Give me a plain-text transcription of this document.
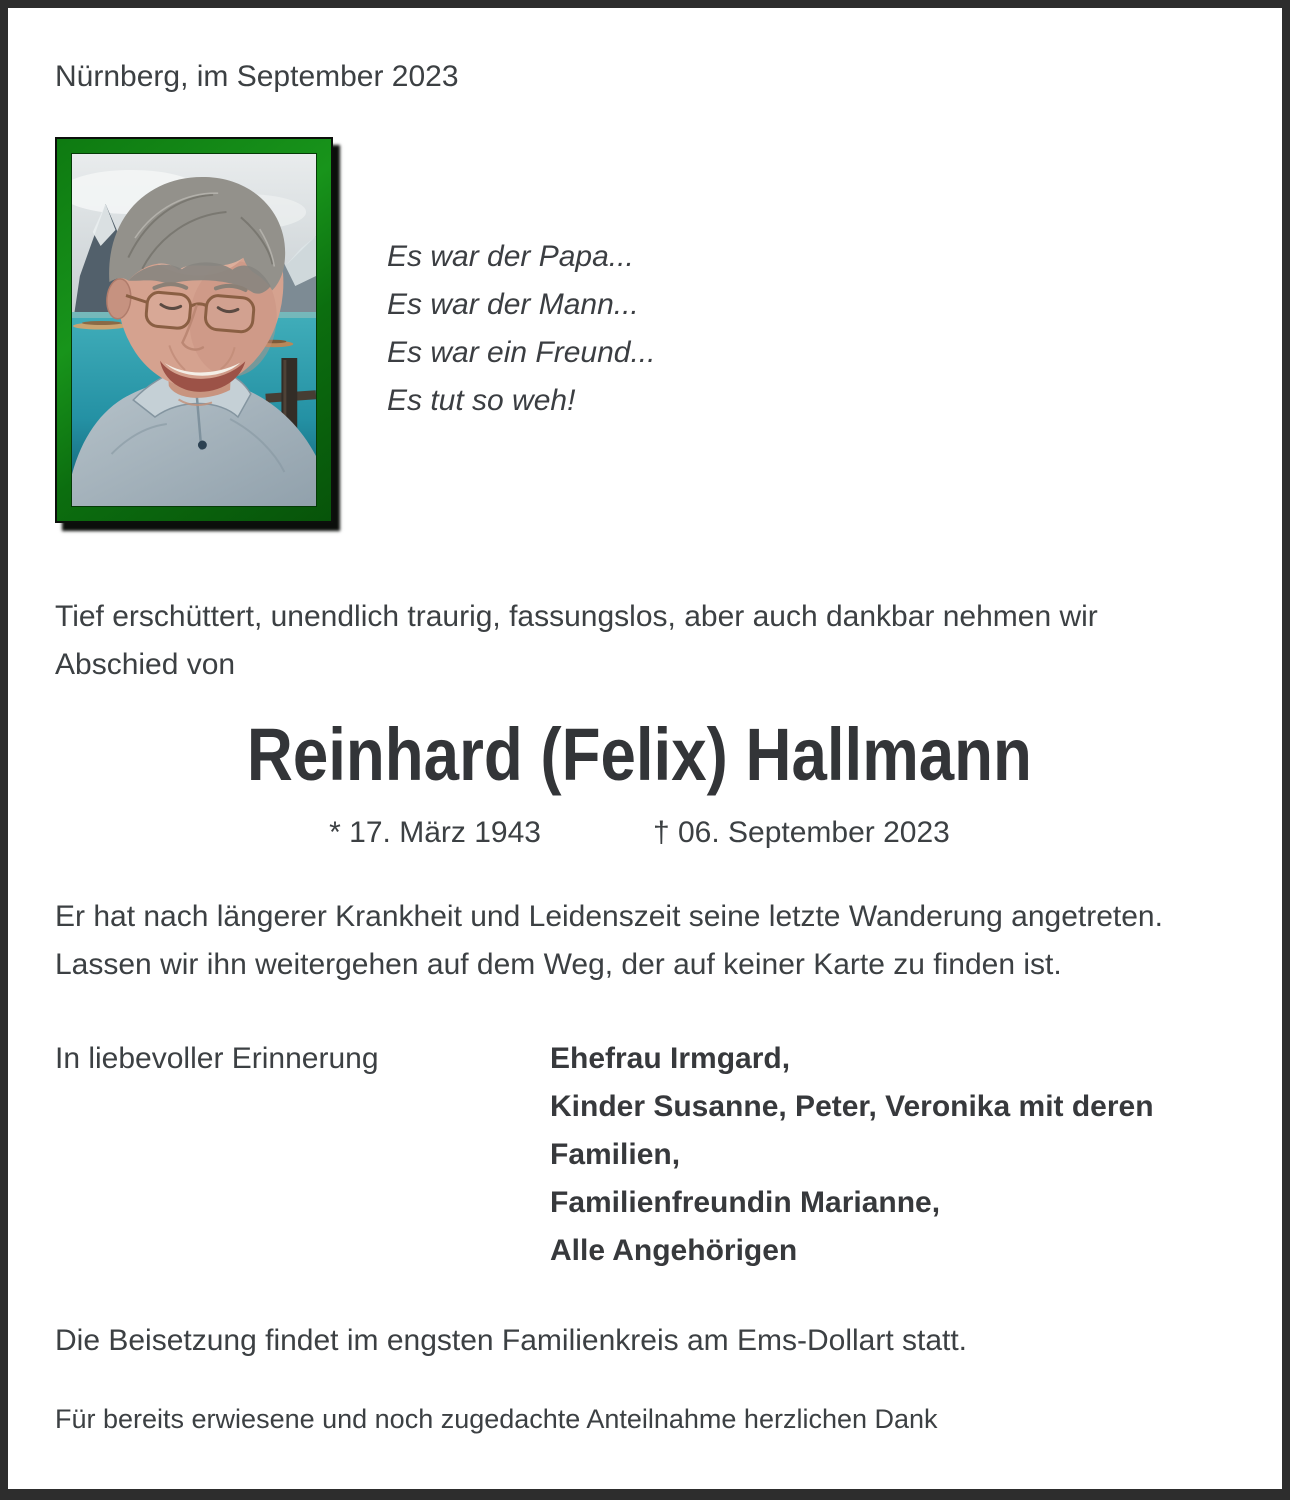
Nürnberg, im September 2023
Es war der Papa...
Es war der Mann...
Es war ein Freund...
Es tut so weh!
Tief erschüttert, unendlich traurig, fassungslos, aber auch dankbar nehmen wir
Abschied von
Reinhard (Felix) Hallmann
* 17. März 1943	† 06. September 2023
Er hat nach längerer Krankheit und Leidenszeit seine letzte Wanderung angetreten.
Lassen wir ihn weitergehen auf dem Weg, der auf keiner Karte zu finden ist.
In liebevoller Erinnerung	Ehefrau Irmgard,
Kinder Susanne, Peter, Veronika mit deren
Familien,
Familienfreundin Marianne,
Alle Angehörigen
Die Beisetzung findet im engsten Familienkreis am Ems-Dollart statt.
Für bereits erwiesene und noch zugedachte Anteilnahme herzlichen Dank
